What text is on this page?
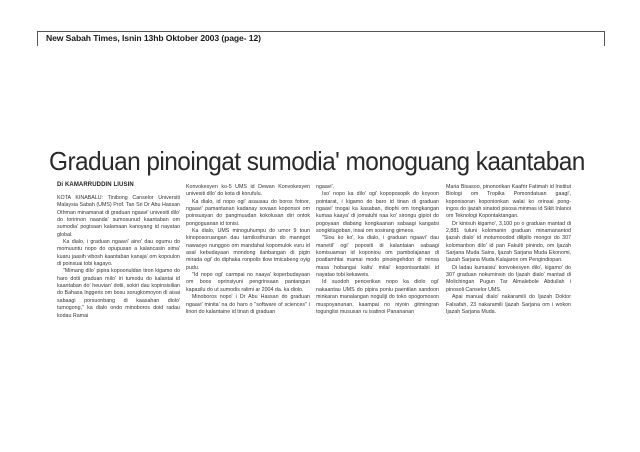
New Sabah Times, Isnin 13hb Oktober 2003 (page- 12)
Graduan pinoingat sumodia' monoguang kaantaban
Di KAMARRUDDIN LIUSIN

KOTA KINABALU: Tinibong Canselor Universiti Malaysia Sabah (UMS) Prof. Tan Sri Dr Abu Hassan Othman minamanat di graduan ngaavi' univesiti dilo' do toririnon naanda' sumosunud kaantaban om sumodia' pogisaan kalamaan kanoyang id nayatao global.

Ka dialo, i graduan ngaavi' aino' dau ogumu do momuuntu nopo do opupusan a kalancasin sima' kuaru jaasih vibosh kaantaban kanaja' om kopoulon di poinsuai tobi kagayo.

"Mimang dilo' pipira kopoonuldan tiron kigamo do haro dotii graduan milo' iri tumodu do kalantai id kaantaban do' heuvian' dotii, sokiri dau kopinsisilian do Bahasa Inggeris om bosu sorugkomoyon di aisai sabaagi porsuonbang di kaasahan diolo' tumogong," ka dialo ondo minoboros doid radau kodau Ramai

Konvokesyen ko-5 UMS id Dewan Konvokesyen univesiti dilo' do kota di korufulu.

Ka dialo, id nopo ogi' asausau do boros fotoor, ngaavi' pamantanan kadanay sovaan koponsoi om poinsuayan do pangmuudan kokolusan diri ontok pongoguanan id tonisi.

Ka dialo, UMS minoguhumpu do umor 9 toun kinoposoruangan dau tamilosthunan do manngot nawaoyo nunggoo om mandahat kopomulok vuru id asal kebudayaan mondong ilanbangan di pigin mirada ogi' do diphaka ronpolis tlow tmicabeng oyig pudu.

"Id nopo ogi' carmpai no naaya' koperbudayaan om boos oprinsiyuni pengrinsaan pantangun kapasilu do ut sumodis ralimi ar 2004 da. ka diolo.

Minoboros nopo' i Dr Abu Hassan do graduan ngaavi' minita' na do haro o "software of sciences" i linori do kalantaine id tinan di graduan

ngaavi'.

Iso' nopo ka dilo' ogi' kopoposopik do koyoon pointarat, i kigamo do baro id tinan di graduan ngaavi' tnogai ka kasaban, diophi om tongkangan kumaa kaaya' di jomatuhi naa ko' sirongu gipiot do pogoyaan diabang kongkaanan sabaagi kangatsi songkitagoban, insai om sosirang gimeos.

"Siou ko ko', ka dialo, i graduan ngaavi' dau manetil' ogi' popositi di kalantaian sabaagi komisuaman id koponiou om pambolajanan di poatlamhtai mamai modo pinoingehdon di minsa masa hobangai kaltu' milai' koponisantabii id nayatao tobi kekaweis.

Id suodoh pencerikan nopo ka diolo ogi' nakaantau UMS do pipira ponlu paentilan sandoon minkaran manalangan noguliji do toko opogomoson muspoyanunan, kaampai no niyoin gitmingran togunglisi mususan ru isatinoi Panananan

Maria Bisasoo, pinonorikan Kaafrir Fatimah id Institut Biologi om Tropika Pomondatuan gaagi', koponisoran koponionkan walai ko orinsai pong-ingos do ijazah sinatod pisosa minmas id Sikit Inlanoi om Teknologi Kopontaktangan.

Dr kinisuh kigamo', 3,100 po o graduan mantad di 2,881 tuluni kolomanin graduan minamanantod ijazah dialo' id motumoodod dilipilo mongoi do 307 kolomanbon dilo' id pan Fakulti pinindo, om Ijazah Sarjana Muda Sains, Ijazah Sarjana Muda Ekonomi, Ijazah Sarjana Muda Kalajaron om Pengindiopan.

Di ladau kumaisiu' konvokesyen dilo', kigamo' do 307 graduan nokuminsin do Ijazah dialo' mantad di Molichingan Pugun Tar Almalebole Abdullah i pinosoli Canselor UMS.

Apai manual dialo' nakaramili do Ijazah Doktor Falsafah, 23 nakaramili Ijazah Sarjana om i wokon Ijazah Sarjana Muda.
